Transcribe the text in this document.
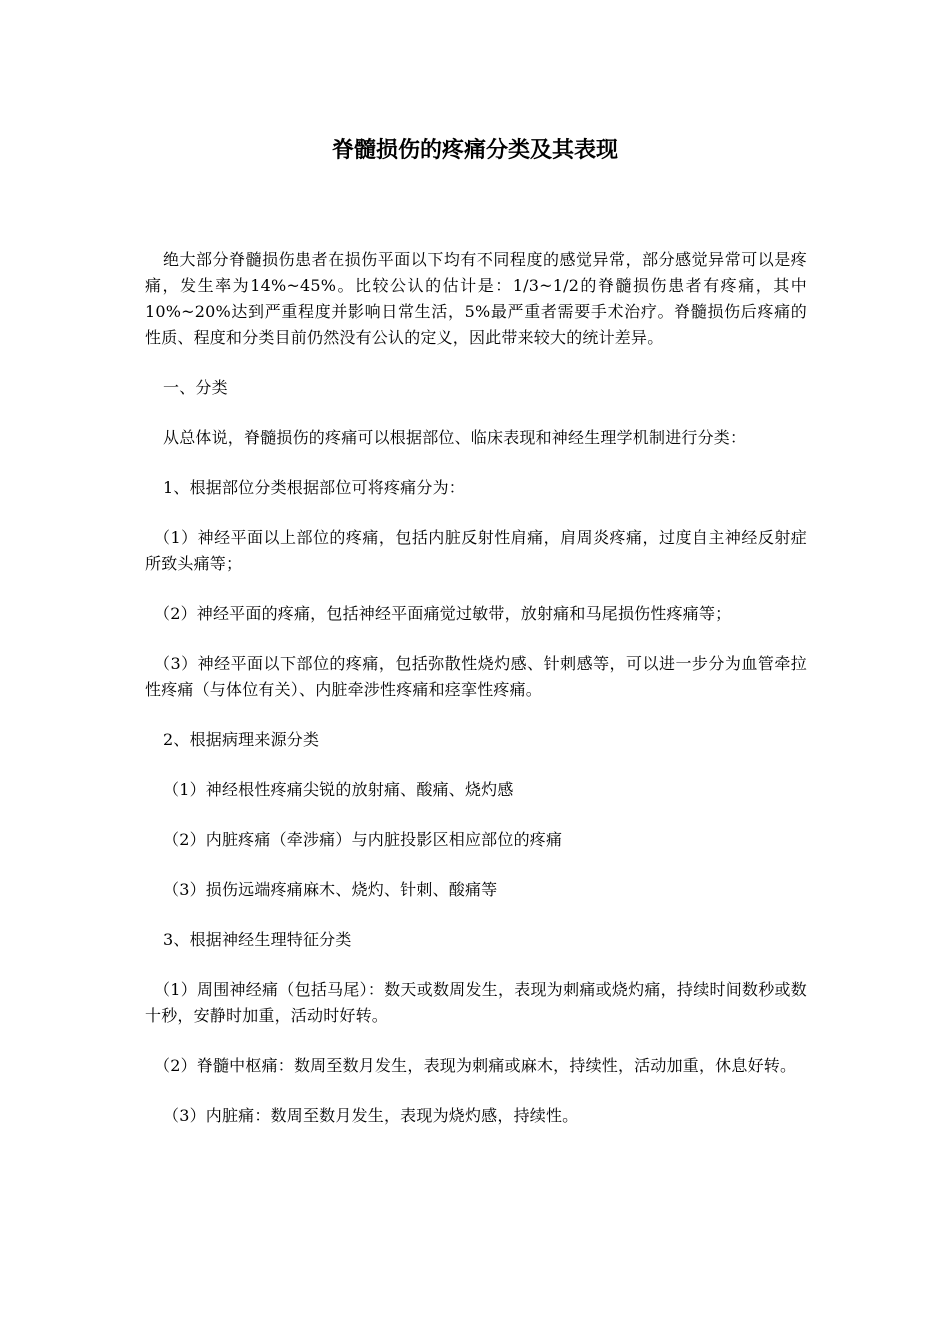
脊髓损伤的疼痛分类及其表现

绝大部分脊髓损伤患者在损伤平面以下均有不同程度的感觉异常，部分感觉异常可以是疼痛，发生率为14%~45%。比较公认的估计是：1/3~1/2的脊髓损伤患者有疼痛，其中10%~20%达到严重程度并影响日常生活，5%最严重者需要手术治疗。脊髓损伤后疼痛的性质、程度和分类目前仍然没有公认的定义，因此带来较大的统计差异。

一、分类

从总体说，脊髓损伤的疼痛可以根据部位、临床表现和神经生理学机制进行分类：

1、根据部位分类根据部位可将疼痛分为：

（1）神经平面以上部位的疼痛，包括内脏反射性肩痛，肩周炎疼痛，过度自主神经反射症所致头痛等；

（2）神经平面的疼痛，包括神经平面痛觉过敏带，放射痛和马尾损伤性疼痛等；

（3）神经平面以下部位的疼痛，包括弥散性烧灼感、针刺感等，可以进一步分为血管牵拉性疼痛（与体位有关）、内脏牵涉性疼痛和痉挛性疼痛。

2、根据病理来源分类

（1）神经根性疼痛尖锐的放射痛、酸痛、烧灼感

（2）内脏疼痛（牵涉痛）与内脏投影区相应部位的疼痛

（3）损伤远端疼痛麻木、烧灼、针刺、酸痛等

3、根据神经生理特征分类

（1）周围神经痛（包括马尾）：数天或数周发生，表现为刺痛或烧灼痛，持续时间数秒或数十秒，安静时加重，活动时好转。

（2）脊髓中枢痛：数周至数月发生，表现为刺痛或麻木，持续性，活动加重，休息好转。

（3）内脏痛：数周至数月发生，表现为烧灼感，持续性。
